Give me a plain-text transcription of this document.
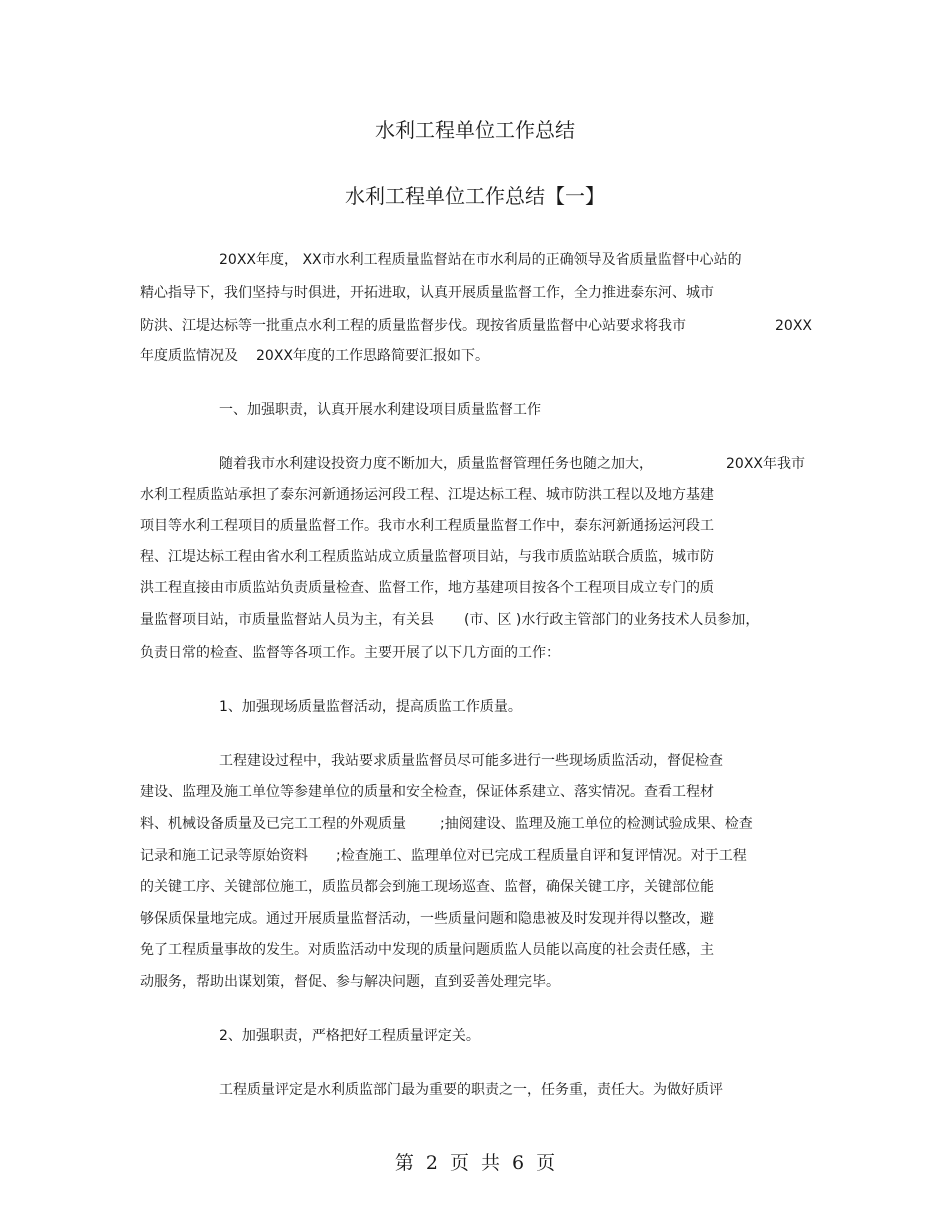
水利工程单位工作总结
水利工程单位工作总结【一】
20XX年度， XX市水利工程质量监督站在市水利局的正确领导及省质量监督中心站的
精心指导下，我们坚持与时俱进，开拓进取，认真开展质量监督工作，全力推进泰东河、城市
防洪、江堤达标等一批重点水利工程的质量监督步伐。现按省质量监督中心站要求将我市	20XX
年度质监情况及 20XX年度的工作思路简要汇报如下。
一、加强职责，认真开展水利建设项目质量监督工作
随着我市水利建设投资力度不断加大，质量监督管理任务也随之加大，	20XX年我市
水利工程质监站承担了泰东河新通扬运河段工程、江堤达标工程、城市防洪工程以及地方基建
项目等水利工程项目的质量监督工作。我市水利工程质量监督工作中，泰东河新通扬运河段工
程、江堤达标工程由省水利工程质监站成立质量监督项目站，与我市质监站联合质监，城市防
洪工程直接由市质监站负责质量检查、监督工作，地方基建项目按各个工程项目成立专门的质
量监督项目站，市质量监督站人员为主，有关县 (市、区 )水行政主管部门的业务技术人员参加，
负责日常的检查、监督等各项工作。主要开展了以下几方面的工作：
1、加强现场质量监督活动，提高质监工作质量。
工程建设过程中，我站要求质量监督员尽可能多进行一些现场质监活动，督促检查
建设、监理及施工单位等参建单位的质量和安全检查，保证体系建立、落实情况。查看工程材
料、机械设备质量及已完工工程的外观质量 ;抽阅建设、监理及施工单位的检测试验成果、检查
记录和施工记录等原始资料 ;检查施工、监理单位对已完成工程质量自评和复评情况。对于工程
的关键工序、关键部位施工，质监员都会到施工现场巡查、监督，确保关键工序，关键部位能
够保质保量地完成。通过开展质量监督活动，一些质量问题和隐患被及时发现并得以整改，避
免了工程质量事故的发生。对质监活动中发现的质量问题质监人员能以高度的社会责任感，主
动服务，帮助出谋划策，督促、参与解决问题，直到妥善处理完毕。
2、加强职责，严格把好工程质量评定关。
工程质量评定是水利质监部门最为重要的职责之一，任务重，责任大。为做好质评
第 2 页 共 6 页
